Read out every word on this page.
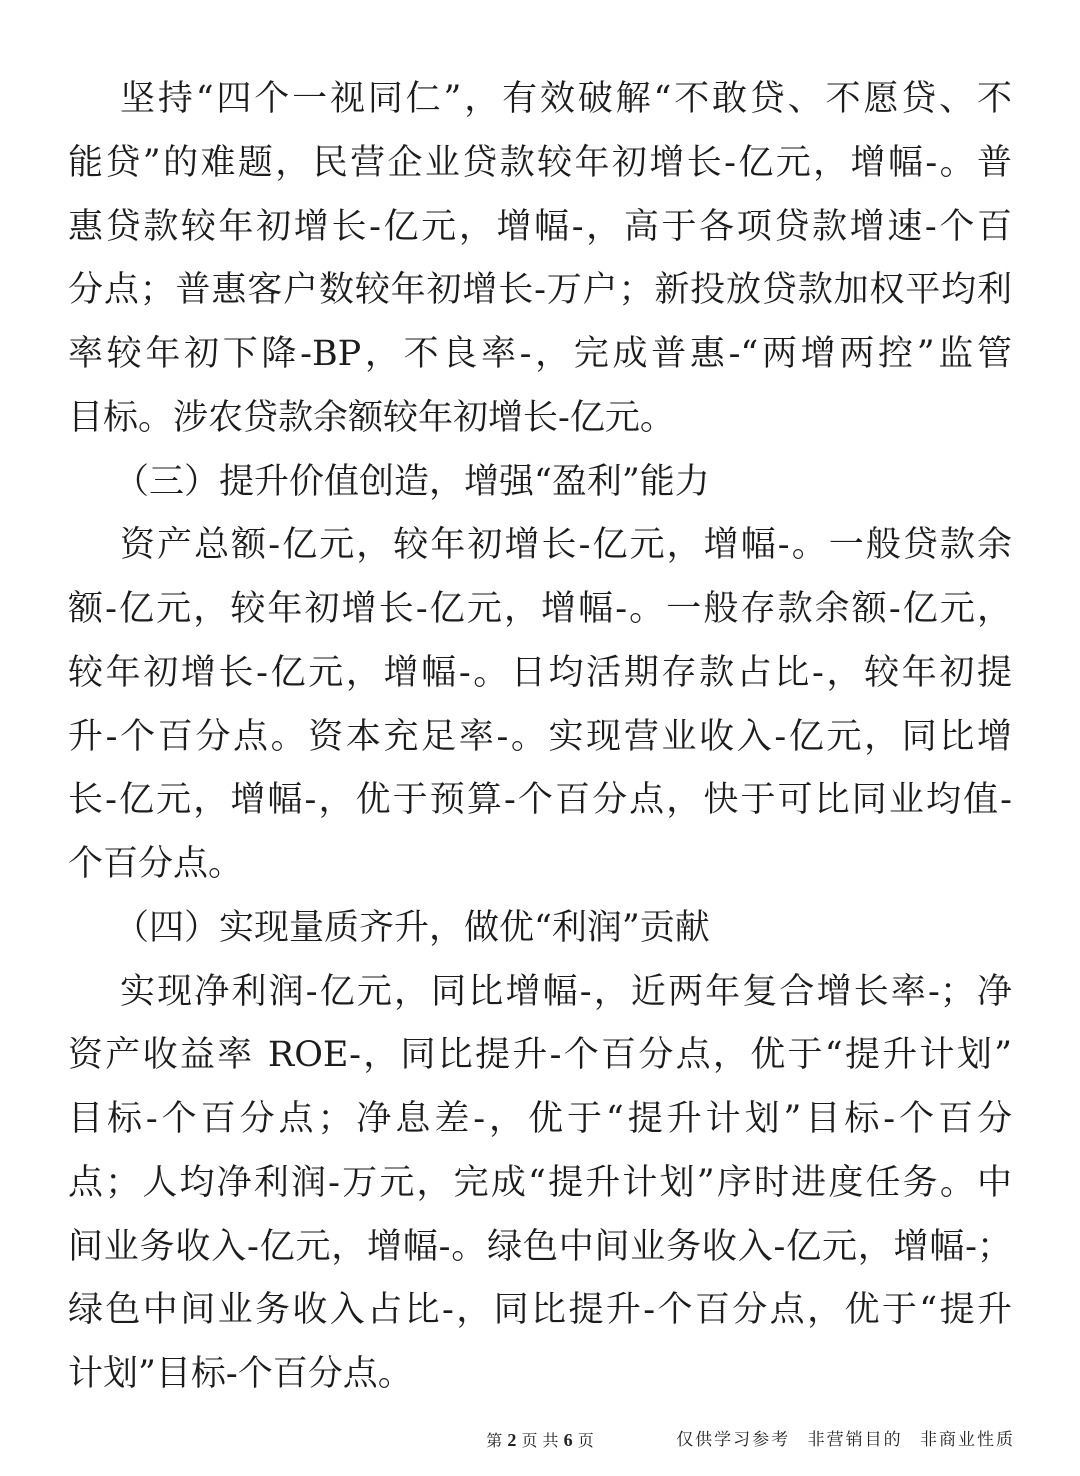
坚持“四个一视同仁”，有效破解“不敢贷、不愿贷、不
能贷”的难题，民营企业贷款较年初增长-亿元，增幅-。普
惠贷款较年初增长-亿元，增幅-，高于各项贷款增速-个百
分点；普惠客户数较年初增长-万户；新投放贷款加权平均利
率较年初下降-BP，不良率-，完成普惠-“两增两控”监管
目标。涉农贷款余额较年初增长-亿元。
（三）提升价值创造，增强“盈利”能力
资产总额-亿元，较年初增长-亿元，增幅-。一般贷款余
额-亿元，较年初增长-亿元，增幅-。一般存款余额-亿元，
较年初增长-亿元，增幅-。日均活期存款占比-，较年初提
升-个百分点。资本充足率-。实现营业收入-亿元，同比增
长-亿元，增幅-，优于预算-个百分点，快于可比同业均值-
个百分点。
（四）实现量质齐升，做优“利润”贡献
实现净利润-亿元，同比增幅-，近两年复合增长率-；净
资产收益率 ROE-，同比提升-个百分点，优于“提升计划”
目标-个百分点；净息差-，优于“提升计划”目标-个百分
点；人均净利润-万元，完成“提升计划”序时进度任务。中
间业务收入-亿元，增幅-。绿色中间业务收入-亿元，增幅-；
绿色中间业务收入占比-，同比提升-个百分点，优于“提升
计划”目标-个百分点。
第 2 页 共 6 页	仅供学习参考 非营销目的 非商业性质
